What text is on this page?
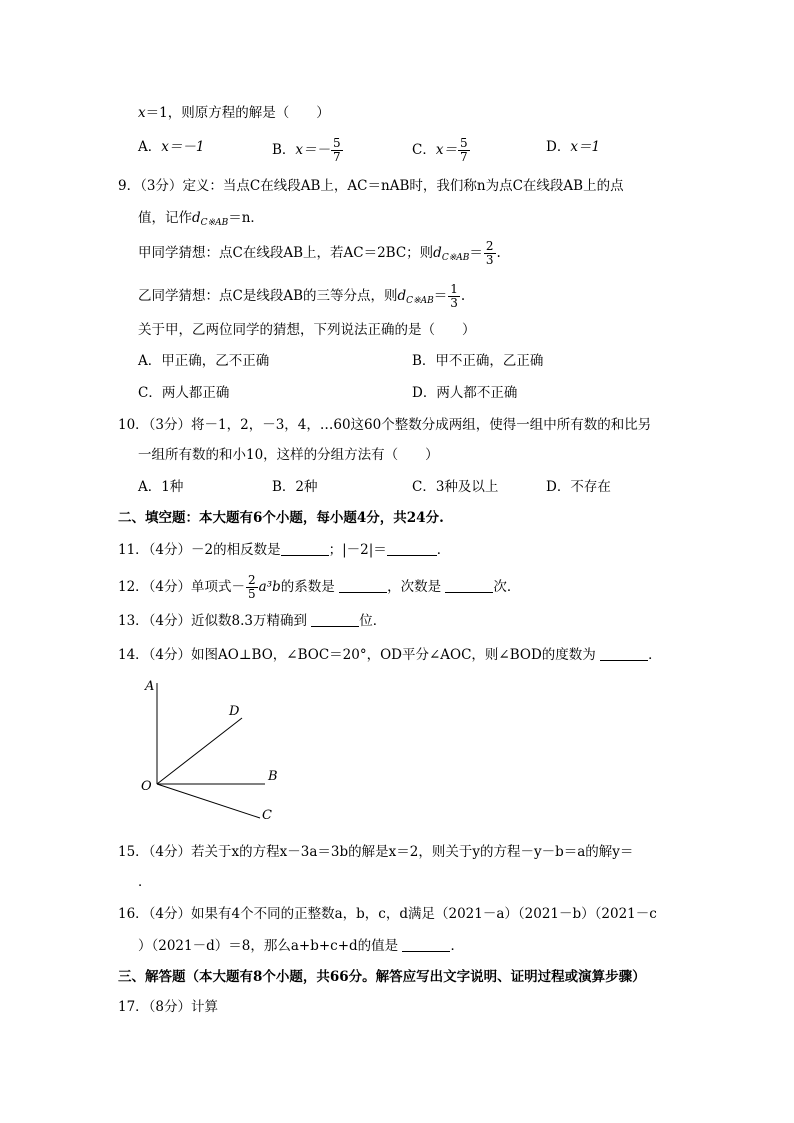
x＝1，则原方程的解是（　　）
A．x＝－1	B．$x=- \frac{5}{7}$	C．$x= \frac{5}{7}$	D．x＝1
9．（3分）定义：当点C在线段AB上，AC＝nAB时，我们称n为点C在线段AB上的点
值，记作$d_{C※AB}=n$．
甲同学猜想：点C在线段AB上，若AC＝2BC；则$d_{C※AB}= \frac{2}{3}$ .
乙同学猜想：点C是线段AB的三等分点，则$d_{C※AB}= \frac{1}{3}$ .
关于甲，乙两位同学的猜想，下列说法正确的是（　　）
A．甲正确，乙不正确	B．甲不正确，乙正确
C．两人都正确	D．两人都不正确
10．（3分）将－1，2，－3，4，…60这60个整数分成两组，使得一组中所有数的和比另
一组所有数的和小10，这样的分组方法有（　　）
A．1种	B．2种	C．3种及以上	D．不存在
二、填空题：本大题有6个小题，每小题4分，共24分.
11．（4分）－2的相反数是	；|－2|＝	．
12．（4分）单项式－ $\frac{2}{5} a^3b$的系数是	，次数是	次．
13．（4分）近似数8.3万精确到	位．
14．（4分）如图AO⊥BO，∠BOC＝20°，OD平分∠AOC，则∠BOD的度数为	．
A
D
O
B
C
15．（4分）若关于x的方程x－3a＝3b的解是x＝2，则关于y的方程－y－b＝a的解y＝
．
16．（4分）如果有4个不同的正整数a，b，c，d满足（2021－a）（2021－b）（2021－c
）（2021－d）＝8，那么a+b+c+d的值是	．
三、解答题（本大题有8个小题，共66分。解答应写出文字说明、证明过程或演算步骤）
17．（8分）计算
